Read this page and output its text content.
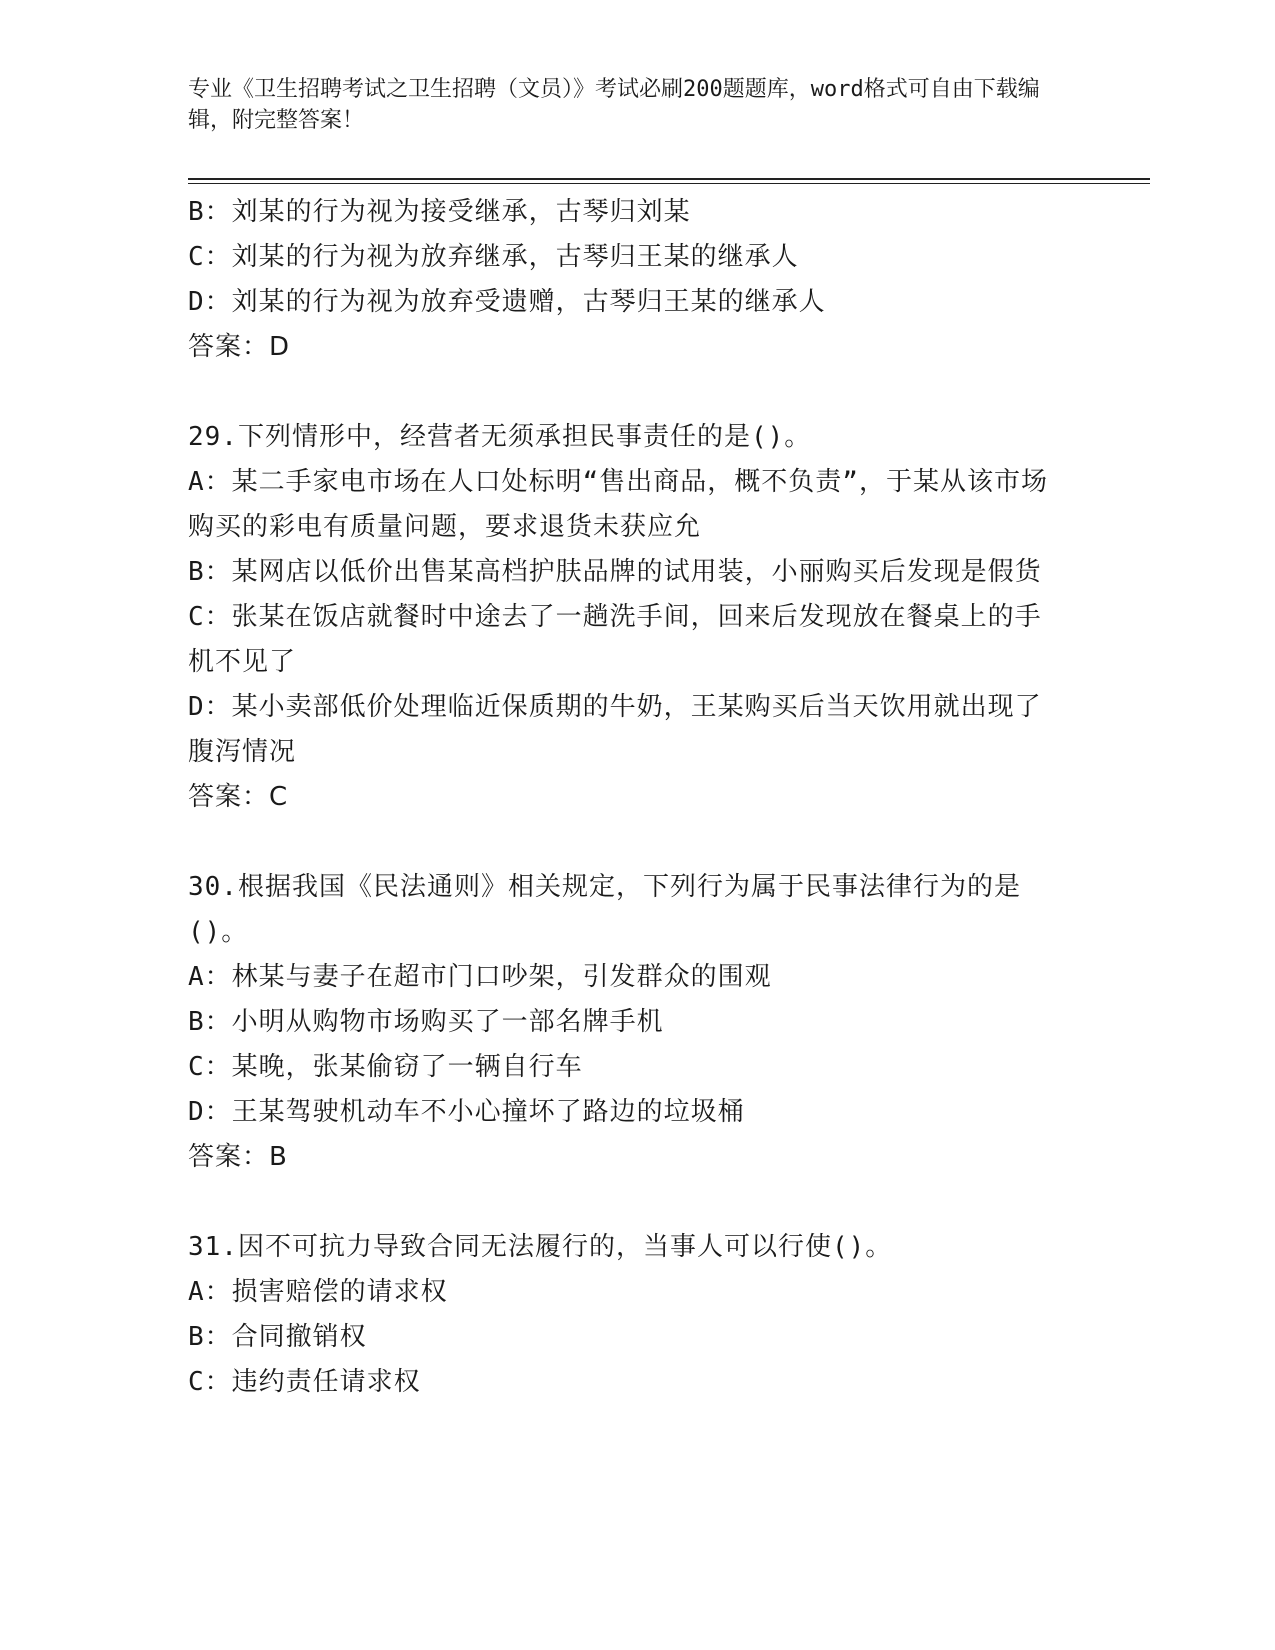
专业《卫生招聘考试之卫生招聘（文员）》考试必刷200题题库，word格式可自由下载编辑，附完整答案！

B：刘某的行为视为接受继承，古琴归刘某

C：刘某的行为视为放弃继承，古琴归王某的继承人

D：刘某的行为视为放弃受遗赠，古琴归王某的继承人

答案：D

29.下列情形中，经营者无须承担民事责任的是()。

A：某二手家电市场在人口处标明“售出商品，概不负责”，于某从该市场购买的彩电有质量问题，要求退货未获应允

B：某网店以低价出售某高档护肤品牌的试用装，小丽购买后发现是假货

C：张某在饭店就餐时中途去了一趟洗手间，回来后发现放在餐桌上的手机不见了

D：某小卖部低价处理临近保质期的牛奶，王某购买后当天饮用就出现了腹泻情况

答案：C

30.根据我国《民法通则》相关规定，下列行为属于民事法律行为的是()。

A：林某与妻子在超市门口吵架，引发群众的围观

B：小明从购物市场购买了一部名牌手机

C：某晚，张某偷窃了一辆自行车

D：王某驾驶机动车不小心撞坏了路边的垃圾桶

答案：B

31.因不可抗力导致合同无法履行的，当事人可以行使()。

A：损害赔偿的请求权

B：合同撤销权

C：违约责任请求权
